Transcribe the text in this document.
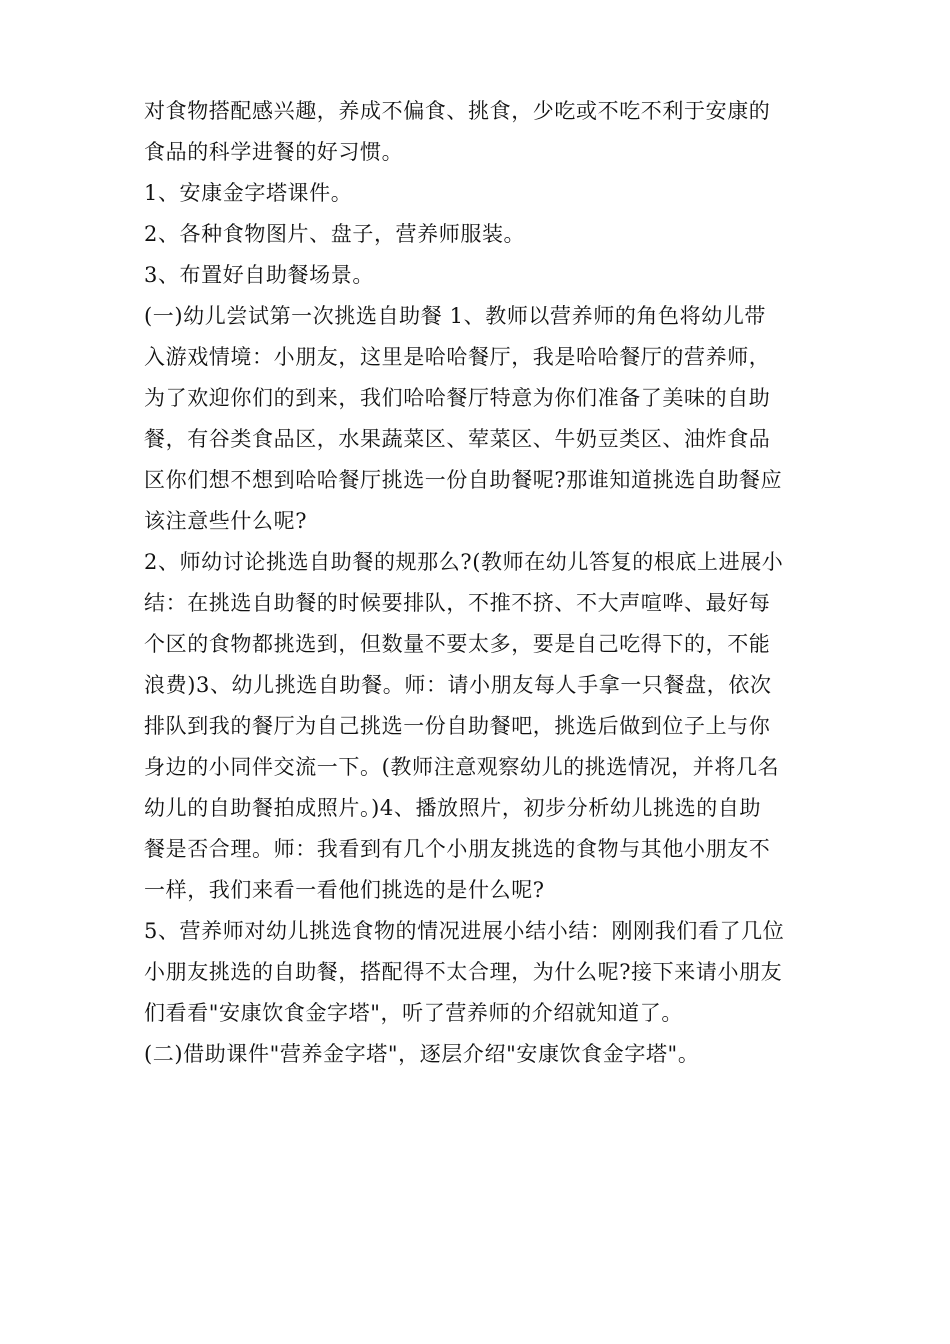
对食物搭配感兴趣，养成不偏食、挑食，少吃或不吃不利于安康的
食品的科学进餐的好习惯。
1、安康金字塔课件。
2、各种食物图片、盘子，营养师服装。
3、布置好自助餐场景。
(一)幼儿尝试第一次挑选自助餐 1、教师以营养师的角色将幼儿带
入游戏情境：小朋友，这里是哈哈餐厅，我是哈哈餐厅的营养师，
为了欢迎你们的到来，我们哈哈餐厅特意为你们准备了美味的自助
餐，有谷类食品区，水果蔬菜区、荤菜区、牛奶豆类区、油炸食品
区你们想不想到哈哈餐厅挑选一份自助餐呢?那谁知道挑选自助餐应
该注意些什么呢?
2、师幼讨论挑选自助餐的规那么?(教师在幼儿答复的根底上进展小
结：在挑选自助餐的时候要排队，不推不挤、不大声喧哗、最好每
个区的食物都挑选到，但数量不要太多，要是自己吃得下的，不能
浪费)3、幼儿挑选自助餐。师：请小朋友每人手拿一只餐盘，依次
排队到我的餐厅为自己挑选一份自助餐吧，挑选后做到位子上与你
身边的小同伴交流一下。(教师注意观察幼儿的挑选情况，并将几名
幼儿的自助餐拍成照片。)4、播放照片，初步分析幼儿挑选的自助
餐是否合理。师：我看到有几个小朋友挑选的食物与其他小朋友不
一样，我们来看一看他们挑选的是什么呢?
5、营养师对幼儿挑选食物的情况进展小结小结：刚刚我们看了几位
小朋友挑选的自助餐，搭配得不太合理，为什么呢?接下来请小朋友
们看看"安康饮食金字塔"，听了营养师的介绍就知道了。
(二)借助课件"营养金字塔"，逐层介绍"安康饮食金字塔"。
